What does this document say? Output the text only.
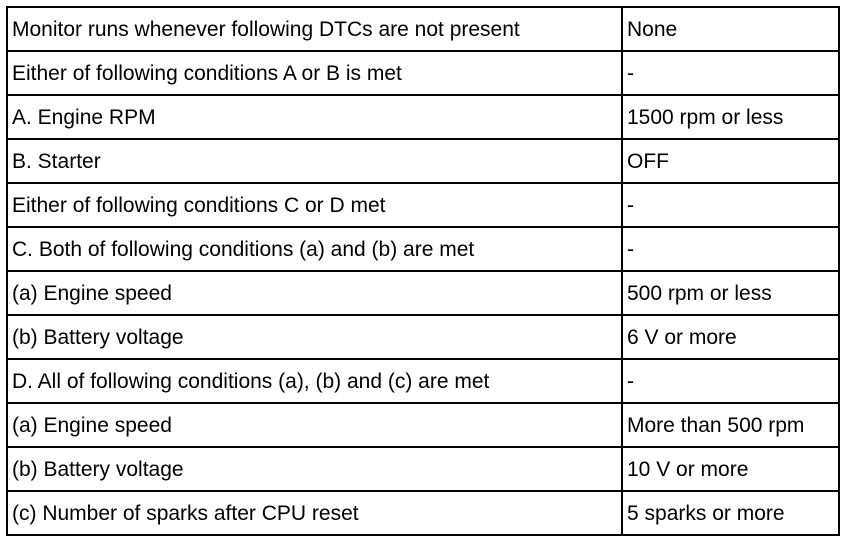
Monitor runs whenever following DTCs are not present	None
Either of following conditions A or B is met	-
A. Engine RPM	1500 rpm or less
B. Starter	OFF
Either of following conditions C or D met	-
C. Both of following conditions (a) and (b) are met	-
(a) Engine speed	500 rpm or less
(b) Battery voltage	6 V or more
D. All of following conditions (a), (b) and (c) are met	-
(a) Engine speed	More than 500 rpm
(b) Battery voltage	10 V or more
(c) Number of sparks after CPU reset	5 sparks or more
